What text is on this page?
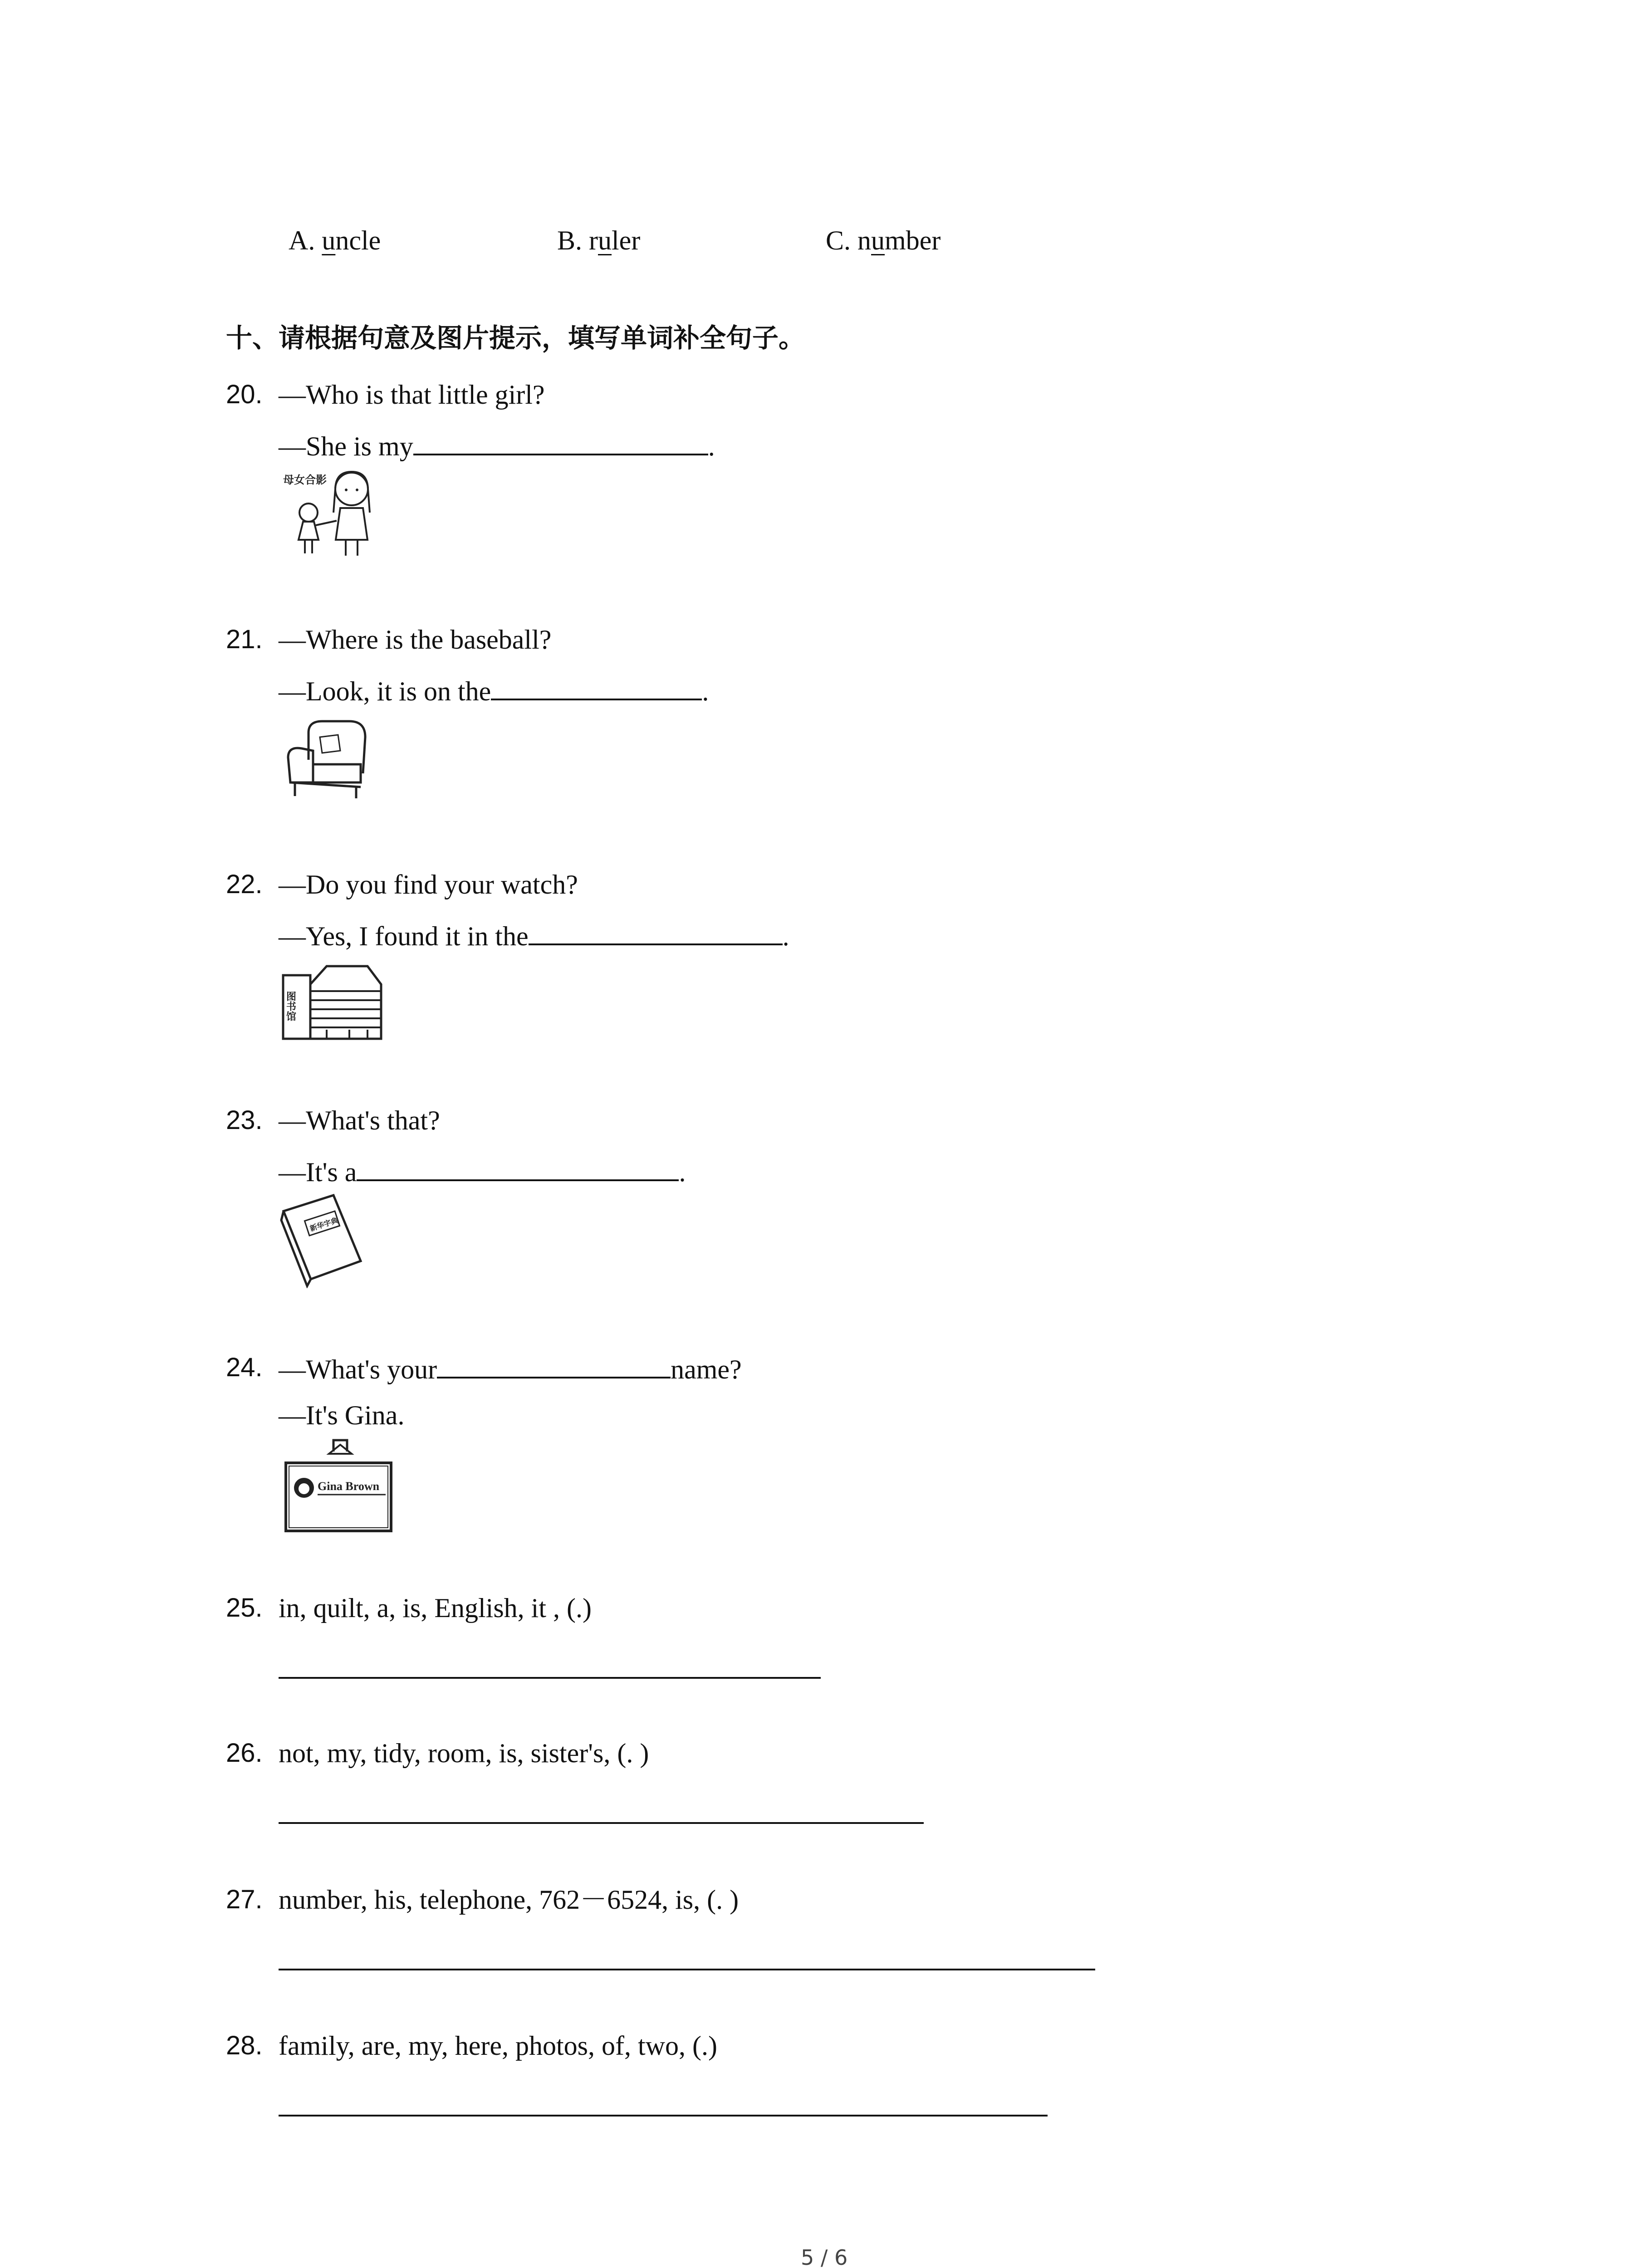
A. uncle	B. ruler	C. number
十、请根据句意及图片提示，填写单词补全句子。
20. —Who is that little girl?
—She is my	.
母女合影
21. —Where is the baseball?
—Look, it is on the	.
22. —Do you find your watch?
—Yes, I found it in the	.
图书馆
23. —What's that?
—It's a	.
新华字典
24. —What's your	name?
—It's Gina.
Gina Brown
25. in, quilt, a, is, English, it , (.)
26. not, my, tidy, room, is, sister's, (. )
27. number, his, telephone, 762－6524, is, (. )
28. family, are, my, here, photos, of, two, (.)
5 / 6
